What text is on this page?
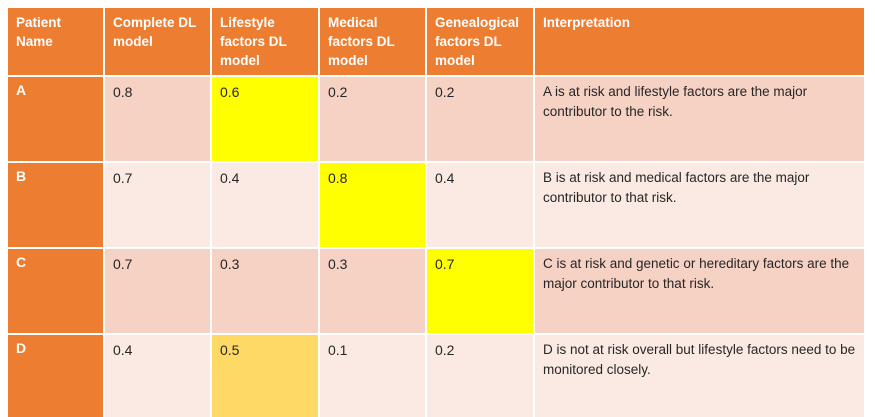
Patient Name	Complete DL model	Lifestyle factors DL model	Medical factors DL model	Genealogical factors DL model	Interpretation
A	0.8	0.6	0.2	0.2	A is at risk and lifestyle factors are the major contributor to the risk.
B	0.7	0.4	0.8	0.4	B is at risk and medical factors are the major contributor to that risk.
C	0.7	0.3	0.3	0.7	C is at risk and genetic or hereditary factors are the major contributor to that risk.
D	0.4	0.5	0.1	0.2	D is not at risk overall but lifestyle factors need to be monitored closely.
